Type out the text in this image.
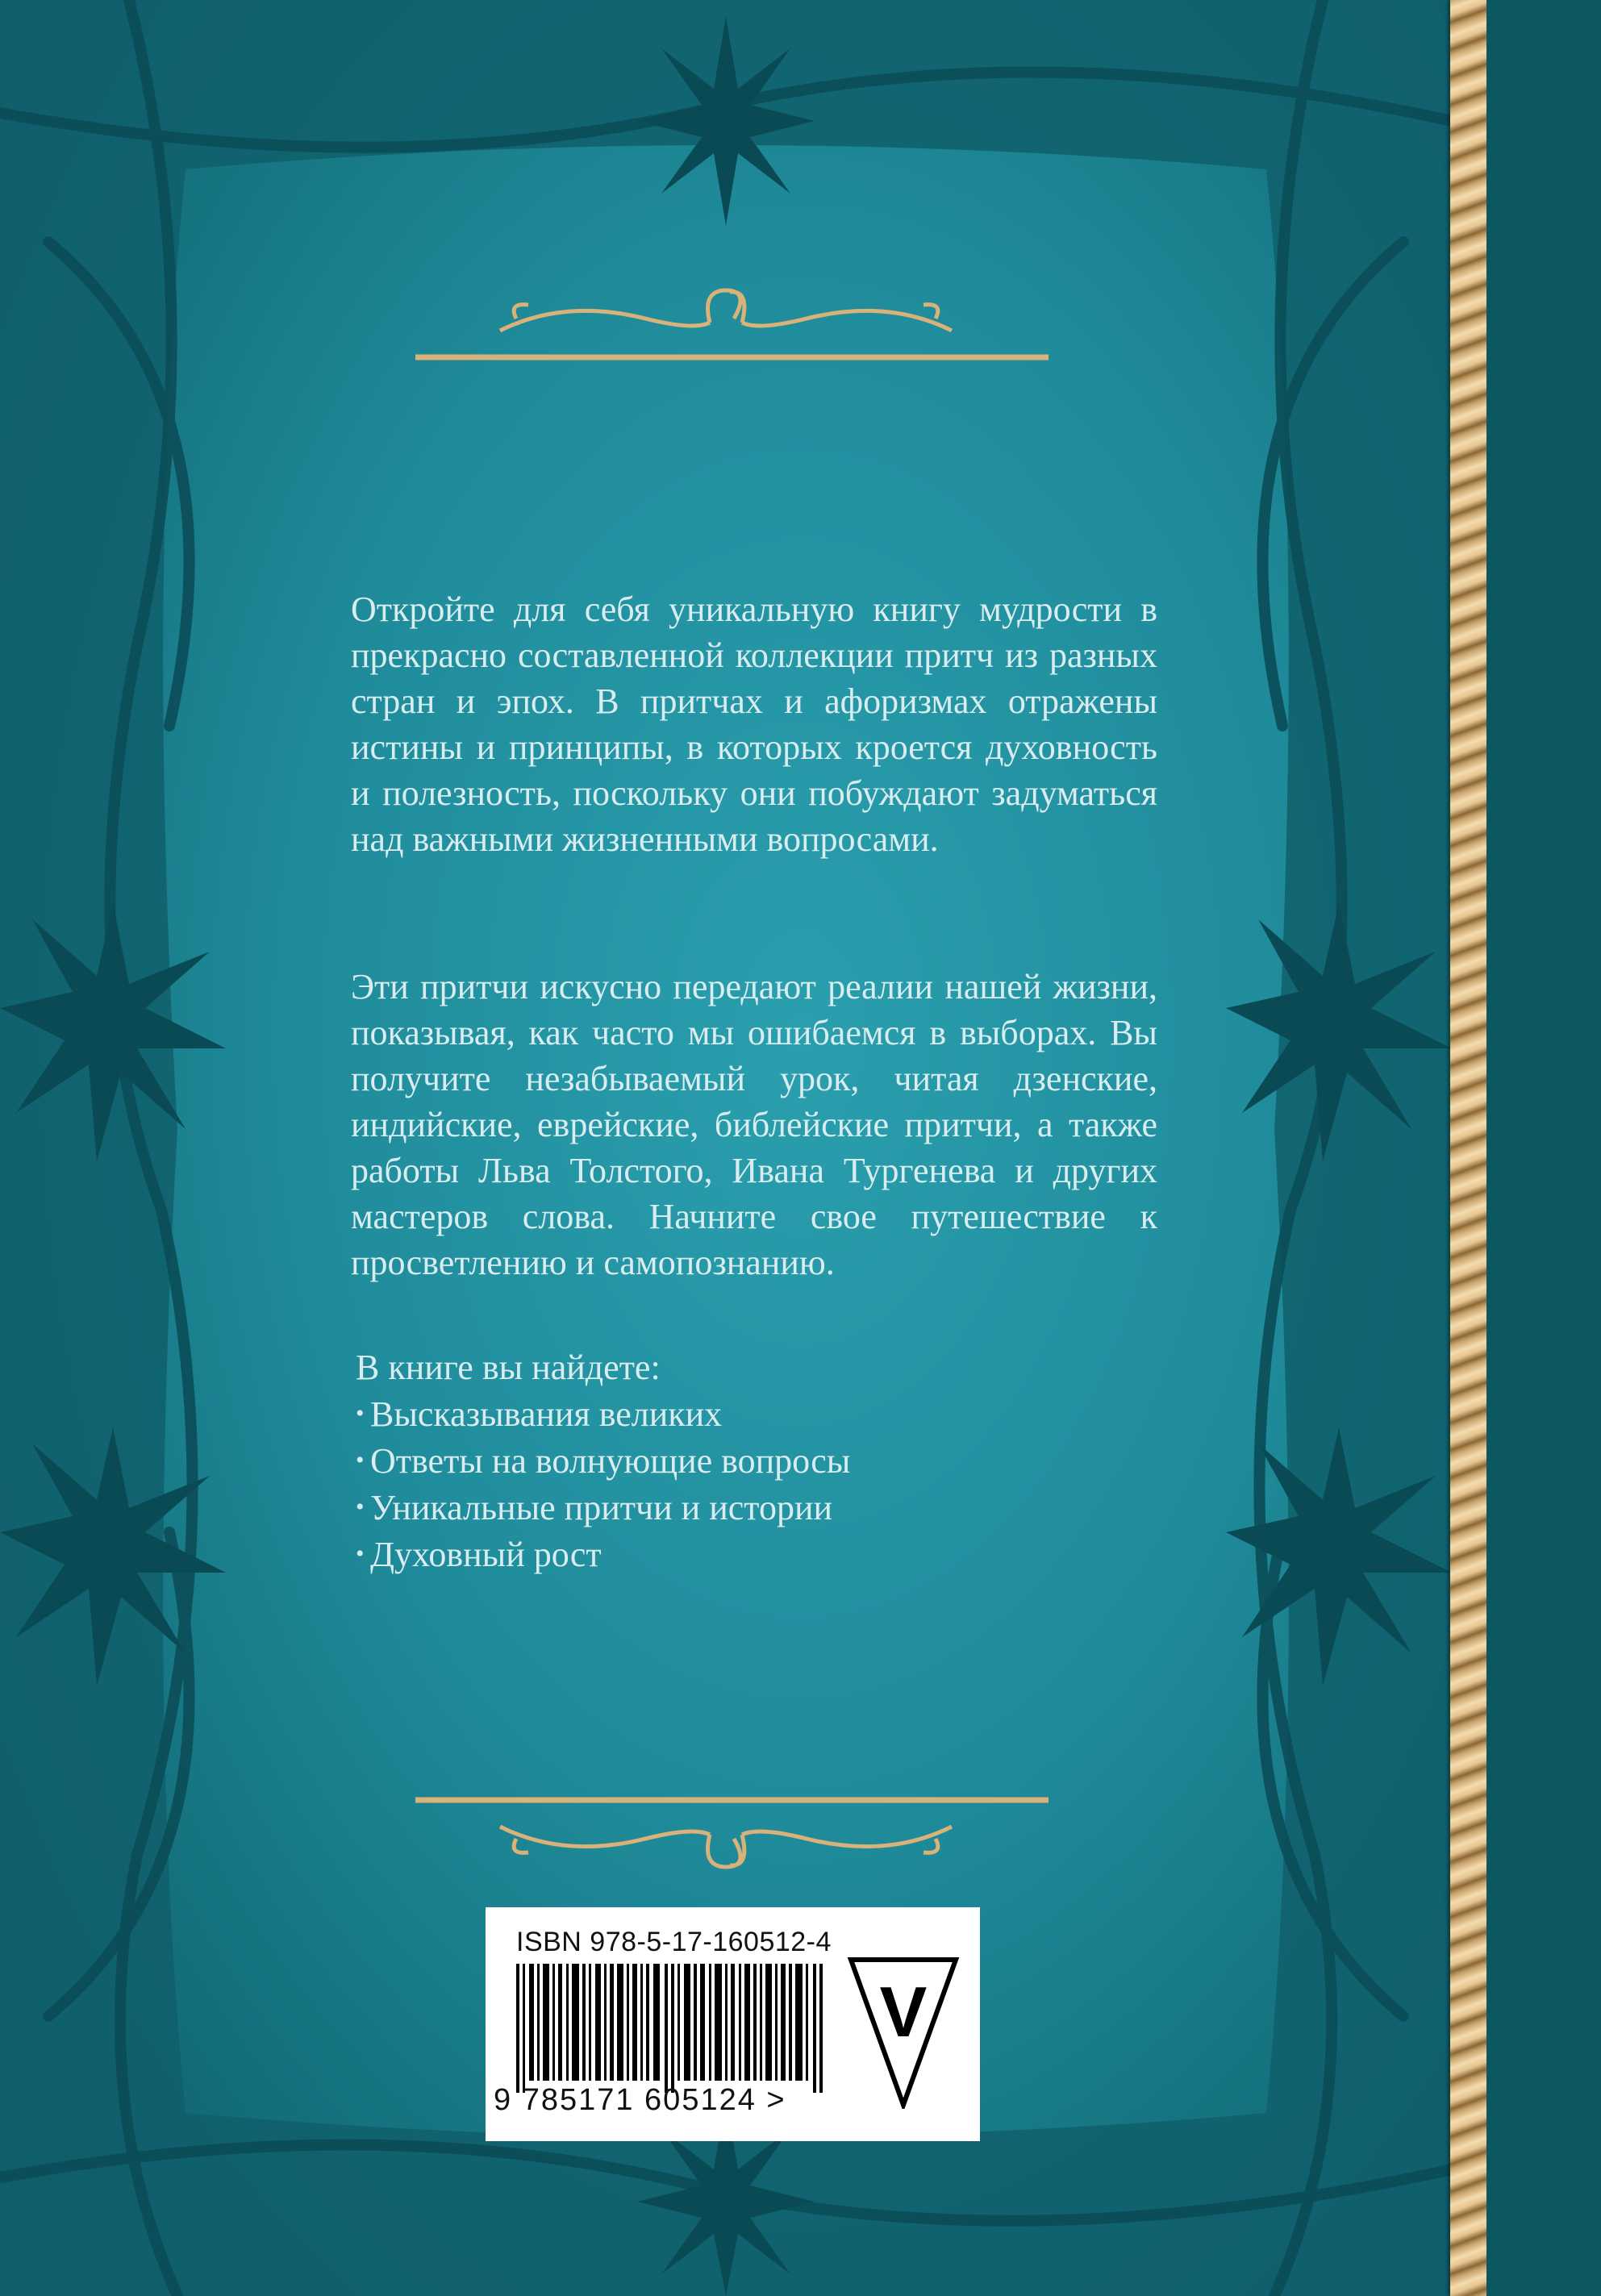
Откройте для себя уникальную книгу мудрости в прекрасно составленной коллекции притч из разных стран и эпох. В притчах и афоризмах отражены истины и принципы, в которых кроется духовность и полезность, поскольку они побуждают задуматься над важными жизненными вопросами.

Эти притчи искусно передают реалии нашей жизни, показывая, как часто мы ошибаемся в выборах. Вы получите незабываемый урок, читая дзенские, индийские, еврейские, библейские притчи, а также работы Льва Толстого, Ивана Тургенева и других мастеров слова. Начните свое путешествие к просветлению и самопознанию.

В книге вы найдете:
• Высказывания великих
• Ответы на волнующие вопросы
• Уникальные притчи и истории
• Духовный рост
ISBN 978-5-17-160512-4
9 785171 605124 >
V
